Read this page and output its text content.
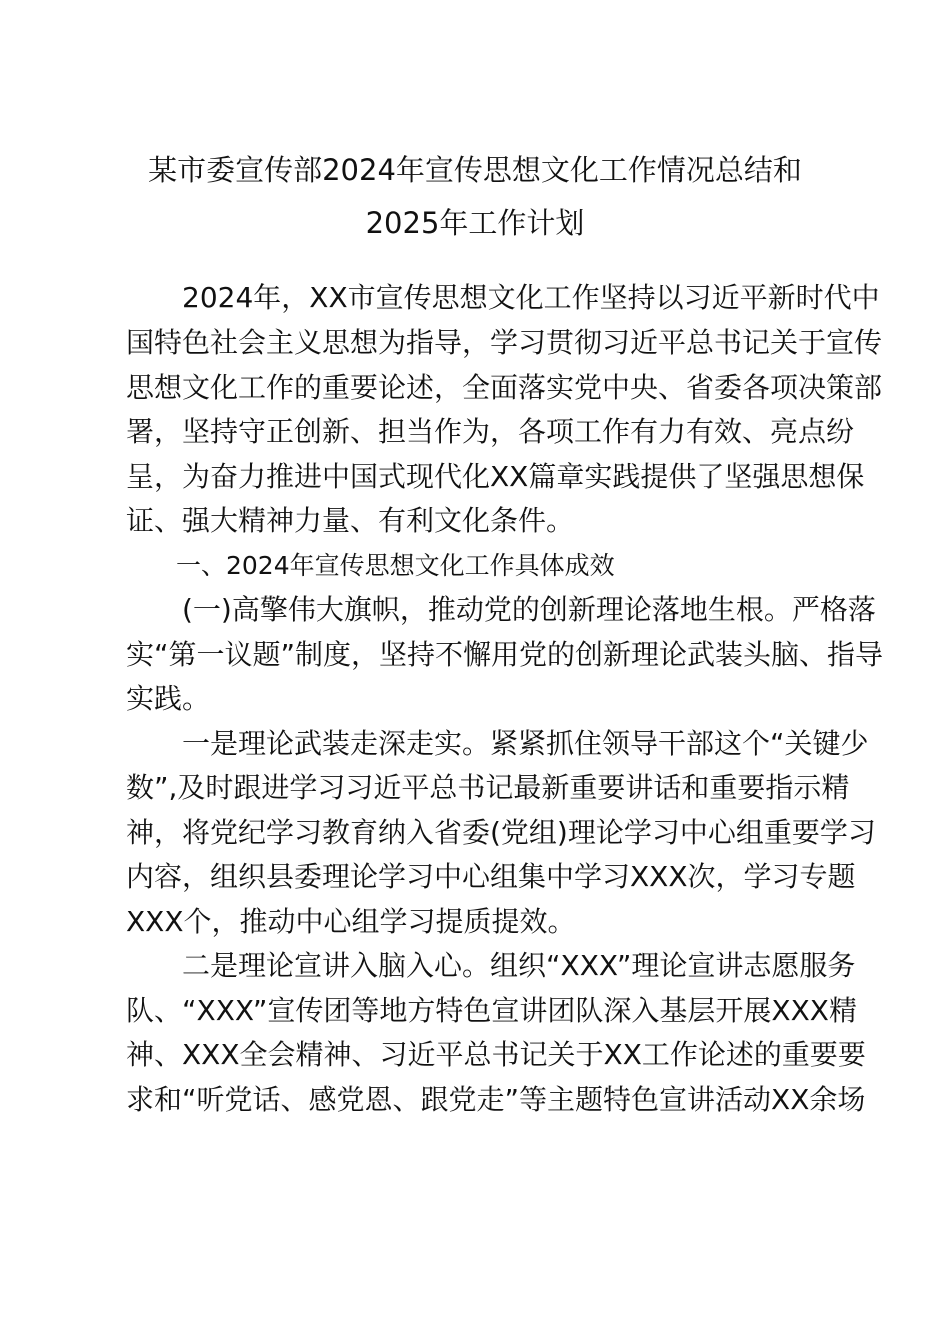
某市委宣传部2024年宣传思想文化工作情况总结和
2025年工作计划
　　2024年，XX市宣传思想文化工作坚持以习近平新时代中
国特色社会主义思想为指导，学习贯彻习近平总书记关于宣传
思想文化工作的重要论述，全面落实党中央、省委各项决策部
署，坚持守正创新、担当作为，各项工作有力有效、亮点纷
呈，为奋力推进中国式现代化XX篇章实践提供了坚强思想保
证、强大精神力量、有利文化条件。
　　一、2024年宣传思想文化工作具体成效
　　(一)高擎伟大旗帜，推动党的创新理论落地生根。严格落
实“第一议题”制度，坚持不懈用党的创新理论武装头脑、指导
实践。
　　一是理论武装走深走实。紧紧抓住领导干部这个“关键少
数”,及时跟进学习习近平总书记最新重要讲话和重要指示精
神，将党纪学习教育纳入省委(党组)理论学习中心组重要学习
内容，组织县委理论学习中心组集中学习XXX次，学习专题
XXX个，推动中心组学习提质提效。
　　二是理论宣讲入脑入心。组织“XXX”理论宣讲志愿服务
队、“XXX”宣传团等地方特色宣讲团队深入基层开展XXX精
神、XXX全会精神、习近平总书记关于XX工作论述的重要要
求和“听党话、感党恩、跟党走”等主题特色宣讲活动XX余场
